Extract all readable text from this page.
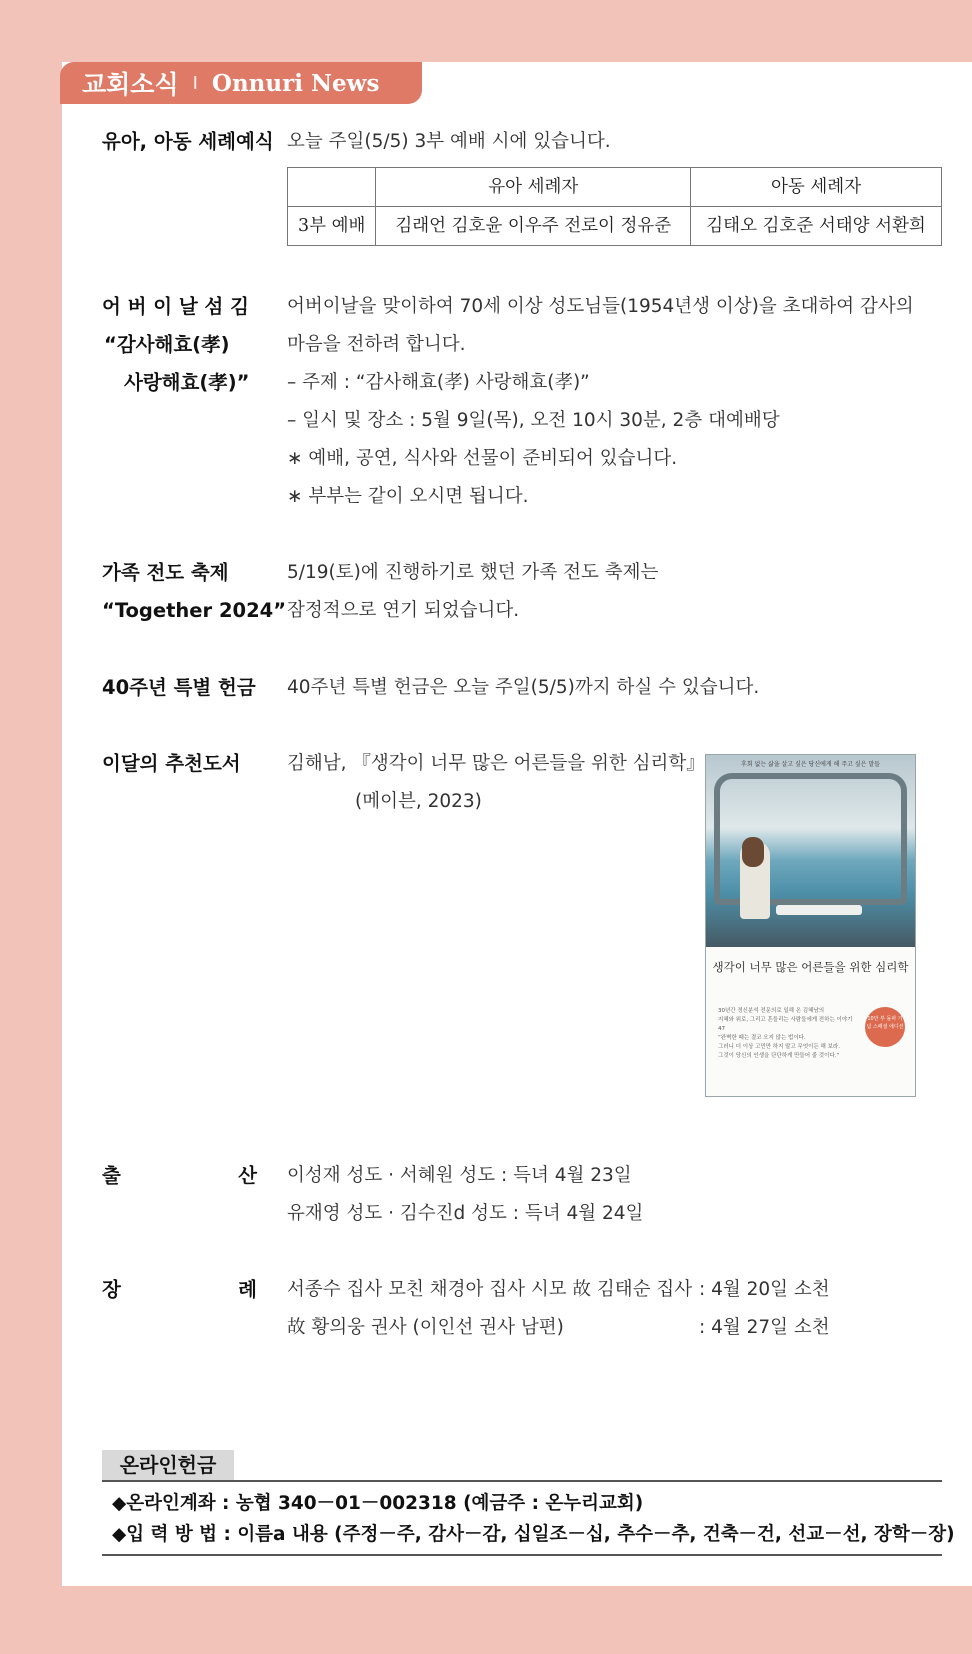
교회소식 I Onnuri News
유아, 아동 세례예식 오늘 주일(5/5) 3부 예배 시에 있습니다.
	유아 세례자	아동 세례자
3부 예배	김래언 김호윤 이우주 전로이 정유준	김태오 김호준 서태양 서환희
어 버 이 날 섬 김
“감사해효(孝)
사랑해효(孝)”
어버이날을 맞이하여 70세 이상 성도님들(1954년생 이상)을 초대하여 감사의
마음을 전하려 합니다.
– 주제 : “감사해효(孝) 사랑해효(孝)”
– 일시 및 장소 : 5월 9일(목), 오전 10시 30분, 2층 대예배당
∗ 예배, 공연, 식사와 선물이 준비되어 있습니다.
∗ 부부는 같이 오시면 됩니다.
가족 전도 축제
“Together 2024”
5/19(토)에 진행하기로 했던 가족 전도 축제는
잠정적으로 연기 되었습니다.
40주년 특별 헌금	40주년 특별 헌금은 오늘 주일(5/5)까지 하실 수 있습니다.
이달의 추천도서	김해남, 『생각이 너무 많은 어른들을 위한 심리학』
(메이븐, 2023)
후회 없는 삶을 살고 싶은 당신에게 해 주고 싶은 말들
생각이 너무 많은 어른들을 위한 심리학
30년간 정신분석 전문의로 일해 온 김혜남의
지혜와 위로, 그리고 흔들리는 사람들에게 전하는 이야기 47
“완벽한 때는 결코 오지 않는 법이다.
그러니 더 이상 고민만 하지 말고 무엇이든 해 보라.
그것이 당신의 인생을 단단하게 만들어 줄 것이다.”
10만 부 돌파 기념 스페셜 에디션
출	산 이성재 성도 · 서혜원 성도 : 득녀 4월 23일
유재영 성도 · 김수진d 성도 : 득녀 4월 24일
장	례 서종수 집사 모친 채경아 집사 시모 故 김태순 집사 : 4월 20일 소천
故 황의웅 권사 (이인선 권사 남편)	: 4월 27일 소천
온라인헌금
◆온라인계좌 : 농협 340－01－002318 (예금주 : 온누리교회)
◆입 력 방 법 : 이름a 내용 (주정－주, 감사－감, 십일조－십, 추수－추, 건축－건, 선교－선, 장학－장)
